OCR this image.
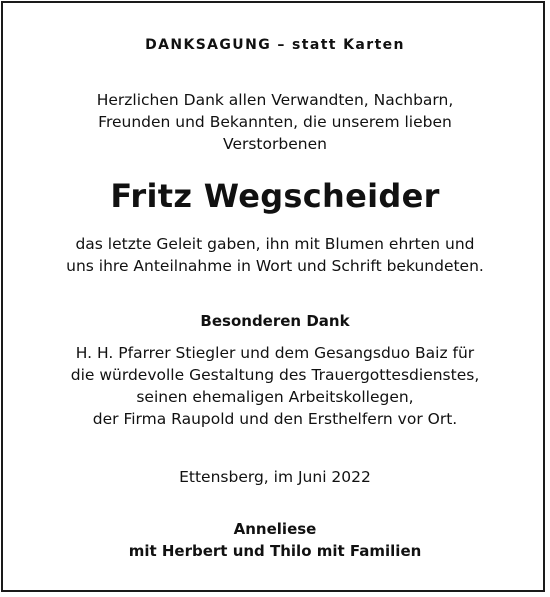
DANKSAGUNG – statt Karten
Herzlichen Dank allen Verwandten, Nachbarn,
Freunden und Bekannten, die unserem lieben
Verstorbenen
Fritz Wegscheider
das letzte Geleit gaben, ihn mit Blumen ehrten und
uns ihre Anteilnahme in Wort und Schrift bekundeten.
Besonderen Dank
H. H. Pfarrer Stiegler und dem Gesangsduo Baiz für
die würdevolle Gestaltung des Trauergottesdienstes,
seinen ehemaligen Arbeitskollegen,
der Firma Raupold und den Ersthelfern vor Ort.
Ettensberg, im Juni 2022
Anneliese
mit Herbert und Thilo mit Familien
